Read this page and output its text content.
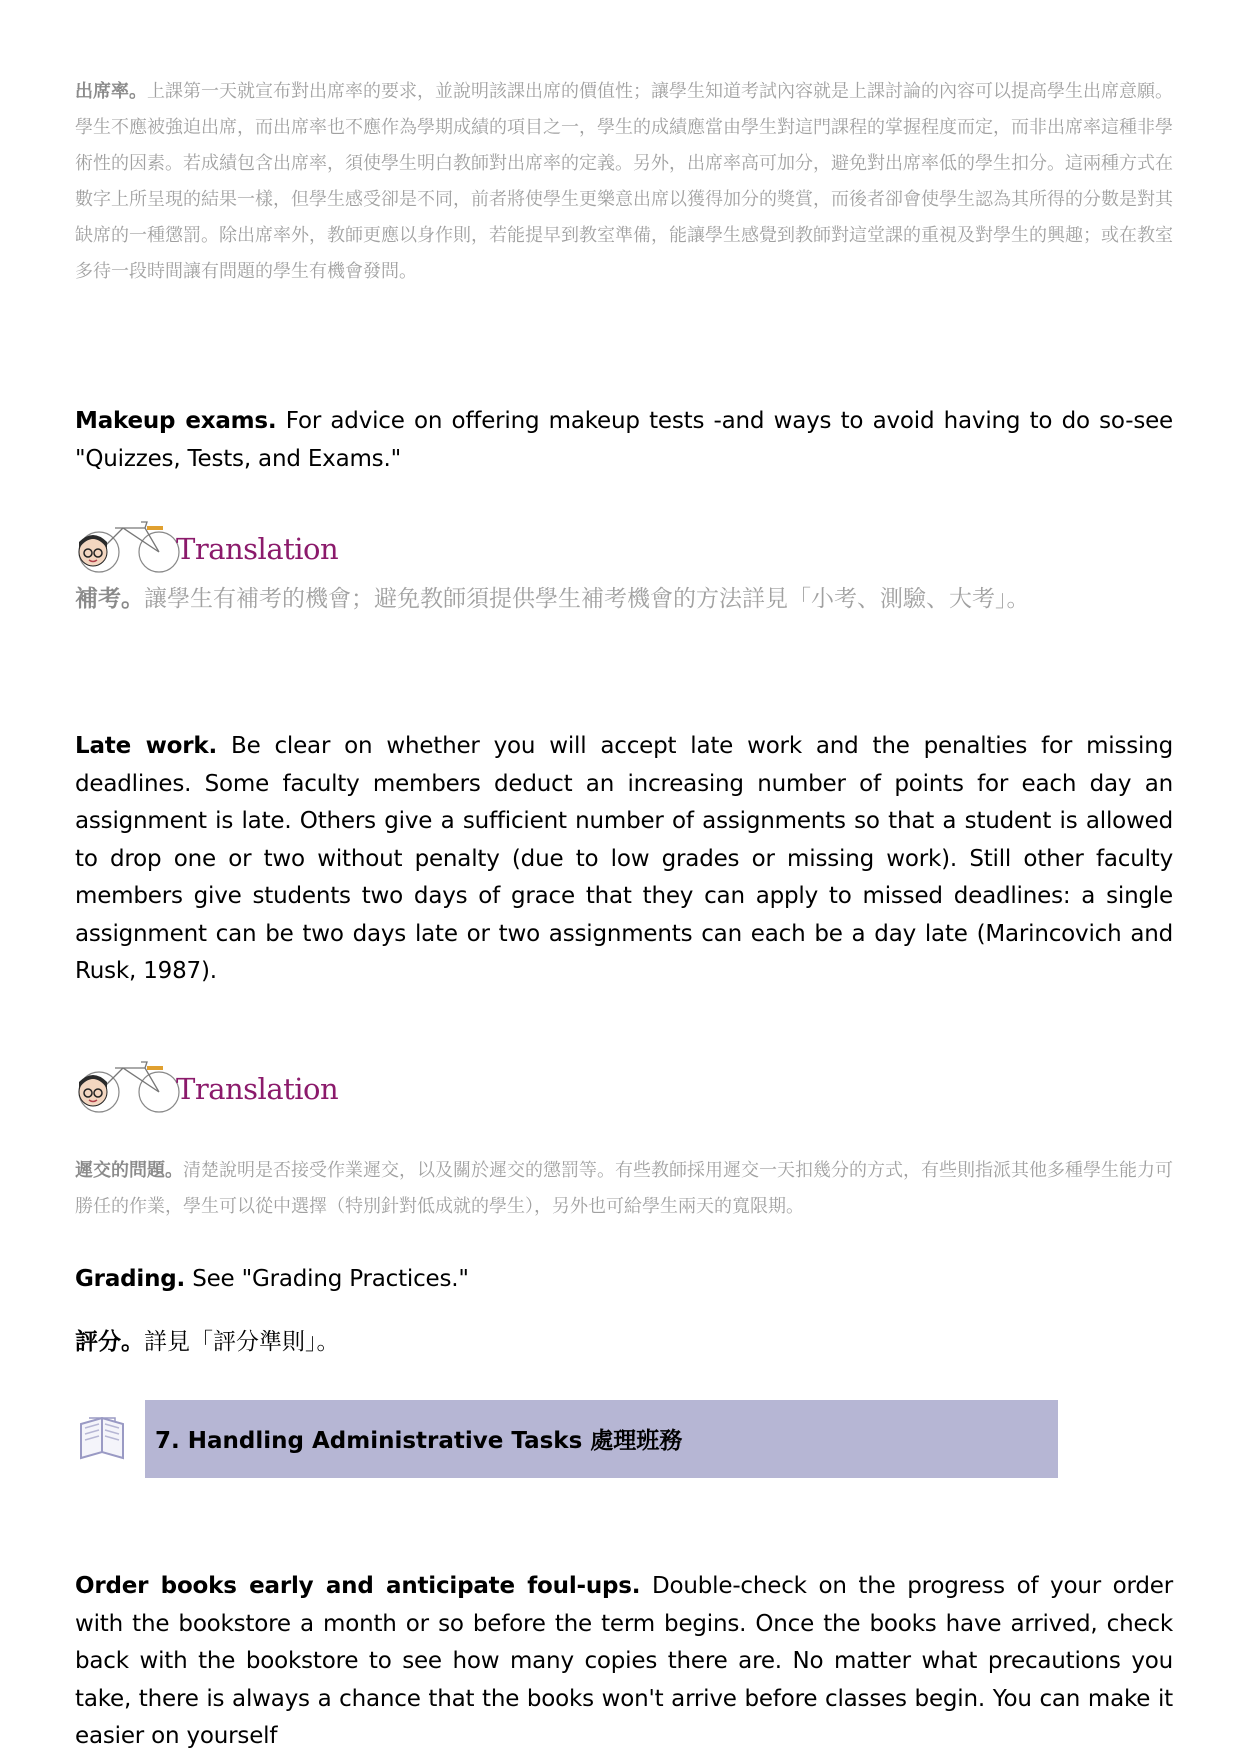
出席率。上課第一天就宣布對出席率的要求，並說明該課出席的價值性；讓學生知道考試內容就是上課討論的內容可以提高學生出席意願。學生不應被強迫出席，而出席率也不應作為學期成績的項目之一，學生的成績應當由學生對這門課程的掌握程度而定，而非出席率這種非學術性的因素。若成績包含出席率，須使學生明白教師對出席率的定義。另外，出席率高可加分，避免對出席率低的學生扣分。這兩種方式在數字上所呈現的結果一樣，但學生感受卻是不同，前者將使學生更樂意出席以獲得加分的獎賞，而後者卻會使學生認為其所得的分數是對其缺席的一種懲罰。除出席率外，教師更應以身作則，若能提早到教室準備，能讓學生感覺到教師對這堂課的重視及對學生的興趣；或在教室多待一段時間讓有問題的學生有機會發問。
Makeup exams. For advice on offering makeup tests -and ways to avoid having to do so-see "Quizzes, Tests, and Exams."
Translation
補考。讓學生有補考的機會；避免教師須提供學生補考機會的方法詳見「小考、測驗、大考」。
Late work. Be clear on whether you will accept late work and the penalties for missing deadlines. Some faculty members deduct an increasing number of points for each day an assignment is late. Others give a sufficient number of assignments so that a student is allowed to drop one or two without penalty (due to low grades or missing work). Still other faculty members give students two days of grace that they can apply to missed deadlines: a single assignment can be two days late or two assignments can each be a day late (Marincovich and Rusk, 1987).
Translation
遲交的問題。清楚說明是否接受作業遲交，以及關於遲交的懲罰等。有些教師採用遲交一天扣幾分的方式，有些則指派其他多種學生能力可勝任的作業，學生可以從中選擇（特別針對低成就的學生），另外也可給學生兩天的寬限期。
Grading. See "Grading Practices."
評分。詳見「評分準則」。
7. Handling Administrative Tasks 處理班務
Order books early and anticipate foul-ups. Double-check on the progress of your order with the bookstore a month or so before the term begins. Once the books have arrived, check back with the bookstore to see how many copies there are. No matter what precautions you take, there is always a chance that the books won't arrive before classes begin. You can make it easier on yourself
